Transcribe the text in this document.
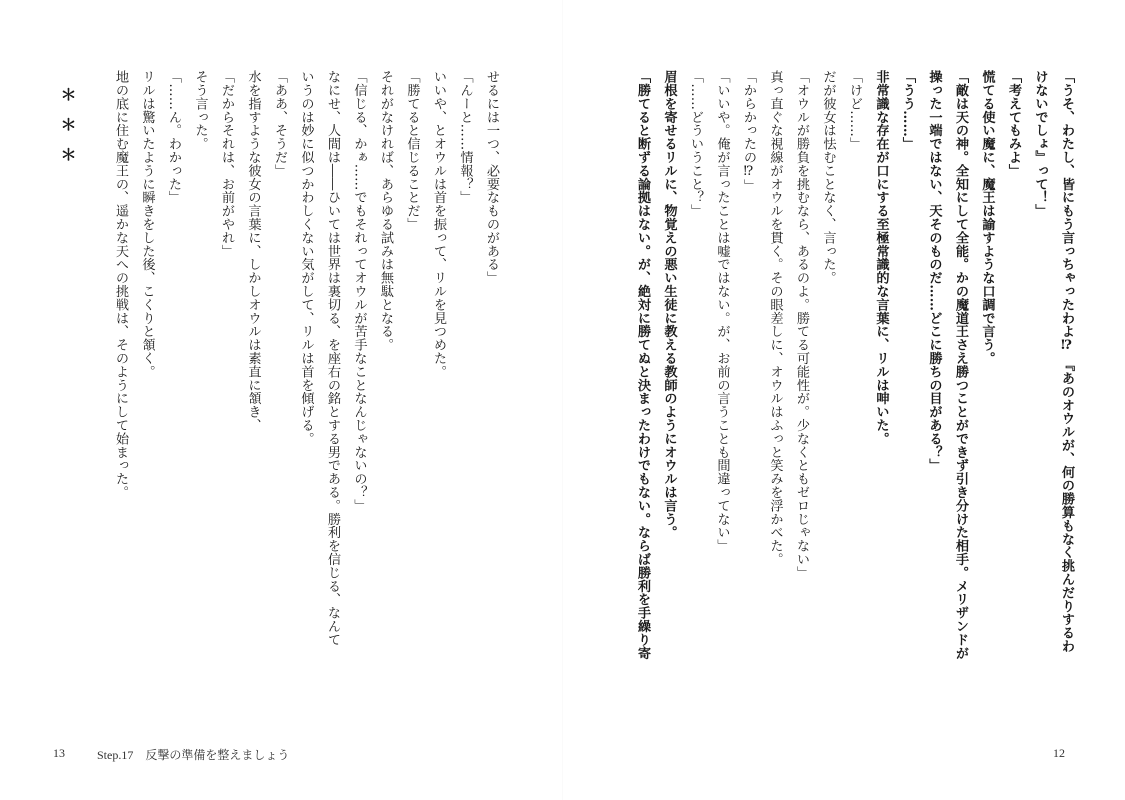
「うそ、わたし、皆にもう言っちゃったわよ⁉ 『あのオウルが、何の勝算もなく挑んだりするわ
けないでしょ』って！」
「考えてもみよ」
慌てる使い魔に、魔王は諭すような口調で言う。
「敵は天の神。全知にして全能。かの魔道王さえ勝つことができず引き分けた相手。メリザンドが
操った一端ではない、天そのものだ……どこに勝ちの目がある？」
「うう……」
非常識な存在が口にする至極常識的な言葉に、リルは呻いた。
「けど……」
だが彼女は怯むことなく、言った。
「オウルが勝負を挑むなら、あるのよ。勝てる可能性が。少なくともゼロじゃない」
真っ直ぐな視線がオウルを貫く。その眼差しに、オウルはふっと笑みを浮かべた。
「からかったの⁉」
「いいや。俺が言ったことは嘘ではない。が、お前の言うことも間違ってない」
「……どういうこと？」
眉根を寄せるリルに、物覚えの悪い生徒に教える教師のようにオウルは言う。
「勝てると断ずる論拠はない。が、絶対に勝てぬと決まったわけでもない。ならば勝利を手繰り寄
せるには一つ、必要なものがある」
「んーと……情報？」
いいや、とオウルは首を振って、リルを見つめた。
「勝てると信じることだ」
それがなければ、あらゆる試みは無駄となる。
「信じる、かぁ……でもそれってオウルが苦手なことなんじゃないの？」
なにせ、人間は――ひいては世界は裏切る、を座右の銘とする男である。勝利を信じる、なんて
いうのは妙に似つかわしくない気がして、リルは首を傾げる。
「ああ、そうだ」
水を指すような彼女の言葉に、しかしオウルは素直に頷き、
「だからそれは、お前がやれ」
そう言った。
「……ん。わかった」
リルは驚いたように瞬きをした後、こくりと頷く。
地の底に住む魔王の、遥かな天への挑戦は、そのようにして始まった。
＊＊＊
13	Step.17　反撃の準備を整えましょう	12
